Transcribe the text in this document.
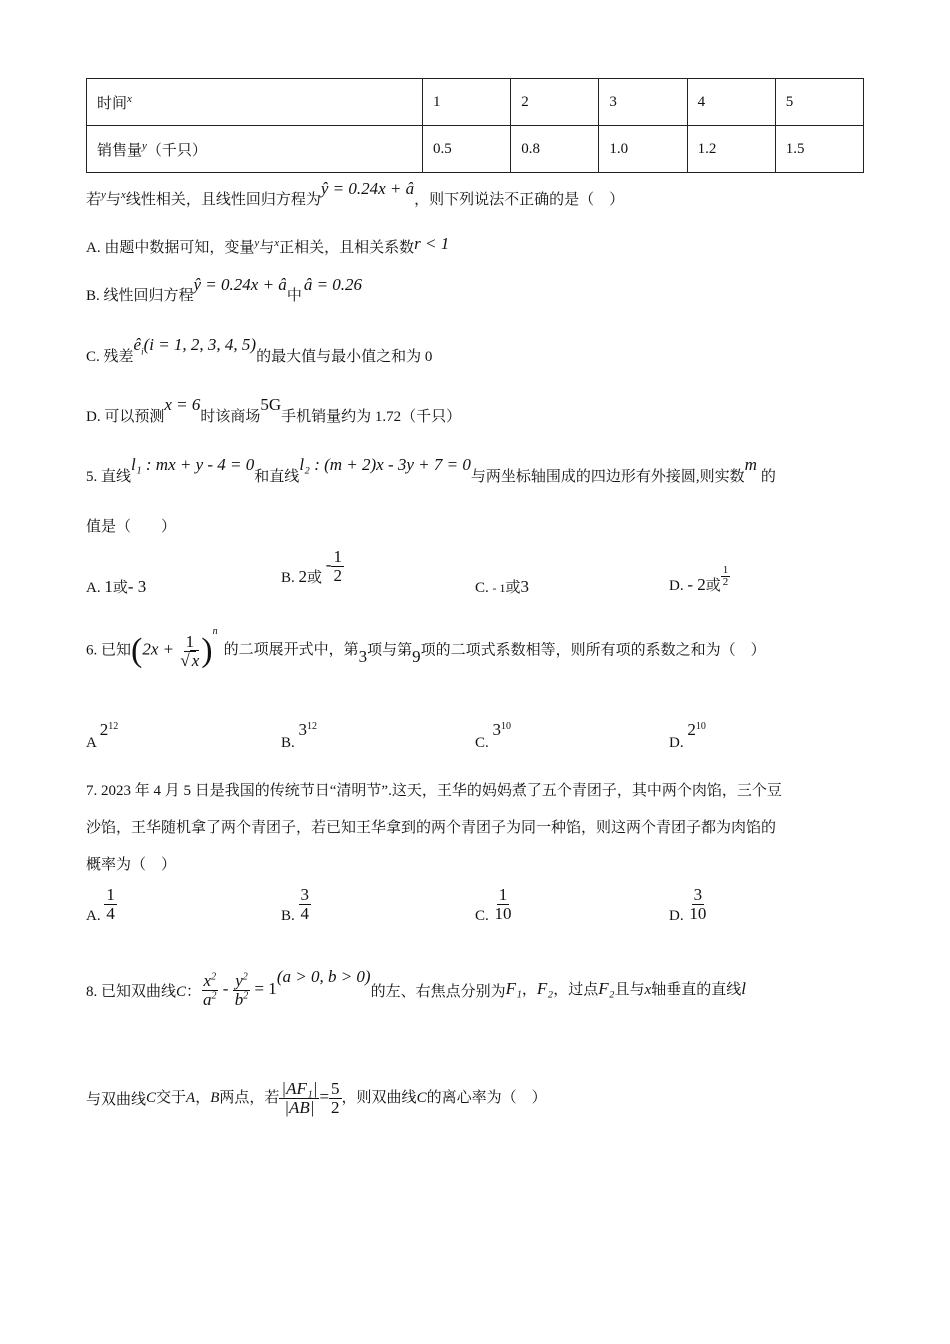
时间$^x$	1	2	3	4	5
销售量$^y$（千只）	0.5	0.8	1.0	1.2	1.5
若$^y$与$^x$线性相关，且线性回归方程为ŷ = 0.24x + â，则下列说法不正确的是（　）
A. 由题中数据可知，变量$^y$与$^x$正相关，且相关系数r < 1
B. 线性回归方程ŷ = 0.24x + â中â = 0.26
C. 残差$ê_i(i = 1$, 2, 3, 4, 5)的最大值与最小值之和为 0
D. 可以预测x = 6时该商场5G手机销量约为 1.72（千只）
5. 直线l₁ : mx + y - 4 = 0和直线l₂ : (m + 2)x - 3y + 7 = 0与两坐标轴围成的四边形有外接圆,则实数m的
值是（　　）
A. 1或- 3	B. 2或 - $\frac{1}{2}$
C. - 1或3	D. - 2或 $\frac{1}{2}$
6. 已知$(2x + \frac{1}{√ x} )^n$的二项展开式中，第3项与第9项的二项式系数相等，则所有项的系数之和为（　）
A $2^{12}$
B. $3^{12}$
C. $3^{10}$
D. $2^{10}$
7. 2023 年 4 月 5 日是我国的传统节日“清明节”.这天，王华的妈妈煮了五个青团子，其中两个肉馅，三个豆
沙馅，王华随机拿了两个青团子，若已知王华拿到的两个青团子为同一种馅，则这两个青团子都为肉馅的
概率为（　）
A. $\frac{1}{4}$	B. $\frac{3}{4}$	C. $\frac{1}{10}$	D. $\frac{3}{10}$
8. 已知双曲线C： $\frac{x^2}{a^2} - \frac{y^2}{b^2} = 1(a > 0$, b > 0)的左、右焦点分别为F₁，F₂，过点F₂且与x轴垂直的直线l
与双曲线C交于A，B两点，若 $\frac{\text{|AF₁|}}{|AB|} = \frac{5}{2}$ ，则双曲线C的离心率为（　）
